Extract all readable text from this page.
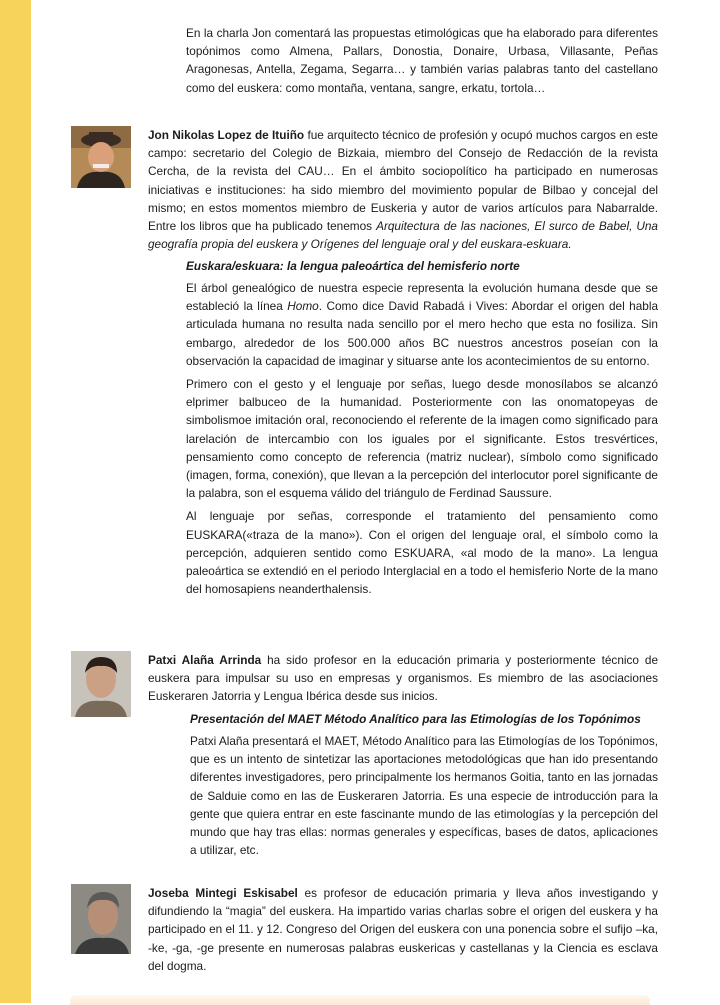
En la charla Jon comentará las propuestas etimológicas que ha elaborado para diferentes topónimos como Almena, Pallars, Donostia, Donaire, Urbasa, Villasante, Peñas Aragonesas, Antella, Zegama, Segarra… y también varias palabras tanto del castellano como del euskera: como montaña, ventana, sangre, erkatu, tortola…

Jon Nikolas Lopez de Ituiño fue arquitecto técnico de profesión y ocupó muchos cargos en este campo: secretario del Colegio de Bizkaia, miembro del Consejo de Redacción de la revista Cercha, de la revista del CAU… En el ámbito sociopolítico ha participado en numerosas iniciativas e instituciones: ha sido miembro del movimiento popular de Bilbao y concejal del mismo; en estos momentos miembro de Euskeria y autor de varios artículos para Nabarralde. Entre los libros que ha publicado tenemos Arquitectura de las naciones, El surco de Babel, Una geografía propia del euskera y Orígenes del lenguaje oral y del euskara-eskuara.

Euskara/eskuara: la lengua paleoártica del hemisferio norte

El árbol genealógico de nuestra especie representa la evolución humana desde que se estableció la línea Homo. Como dice David Rabadá i Vives: Abordar el origen del habla articulada humana no resulta nada sencillo por el mero hecho que esta no fosiliza. Sin embargo, alrededor de los 500.000 años BC nuestros ancestros poseían con la observación la capacidad de imaginar y situarse ante los acontecimientos de su entorno.

Primero con el gesto y el lenguaje por señas, luego desde monosílabos se alcanzó elprimer balbuceo de la humanidad. Posteriormente con las onomatopeyas de simbolismoe imitación oral, reconociendo el referente de la imagen como significado para larelación de intercambio con los iguales por el significante. Estos tresvértices, pensamiento como concepto de referencia (matriz nuclear), símbolo como significado (imagen, forma, conexión), que llevan a la percepción del interlocutor porel significante de la palabra, son el esquema válido del triángulo de Ferdinad Saussure.

Al lenguaje por señas, corresponde el tratamiento del pensamiento como EUSKARA(«traza de la mano»). Con el origen del lenguaje oral, el símbolo como la percepción, adquieren sentido como ESKUARA, «al modo de la mano». La lengua paleoártica se extendió en el periodo Interglacial en a todo el hemisferio Norte de la mano del homosapiens neanderthalensis.

Patxi Alaña Arrinda ha sido profesor en la educación primaria y posteriormente técnico de euskera para impulsar su uso en empresas y organismos. Es miembro de las asociaciones Euskeraren Jatorria y Lengua Ibérica desde sus inicios.

Presentación del MAET Método Analítico para las Etimologías de los Topónimos

Patxi Alaña presentará el MAET, Método Analítico para las Etimologías de los Topónimos, que es un intento de sintetizar las aportaciones metodológicas que han ido presentando diferentes investigadores, pero principalmente los hermanos Goitia, tanto en las jornadas de Salduie como en las de Euskeraren Jatorria. Es una especie de introducción para la gente que quiera entrar en este fascinante mundo de las etimologías y la percepción del mundo que hay tras ellas: normas generales y específicas, bases de datos, aplicaciones a utilizar, etc.

Joseba Mintegi Eskisabel es profesor de educación primaria y lleva años investigando y difundiendo la “magia” del euskera. Ha impartido varias charlas sobre el origen del euskera y ha participado en el 11. y 12. Congreso del Origen del euskera con una ponencia sobre el sufijo –ka, -ke, -ga, -ge presente en numerosas palabras euskericas y castellanas y la Ciencia es esclava del dogma.
